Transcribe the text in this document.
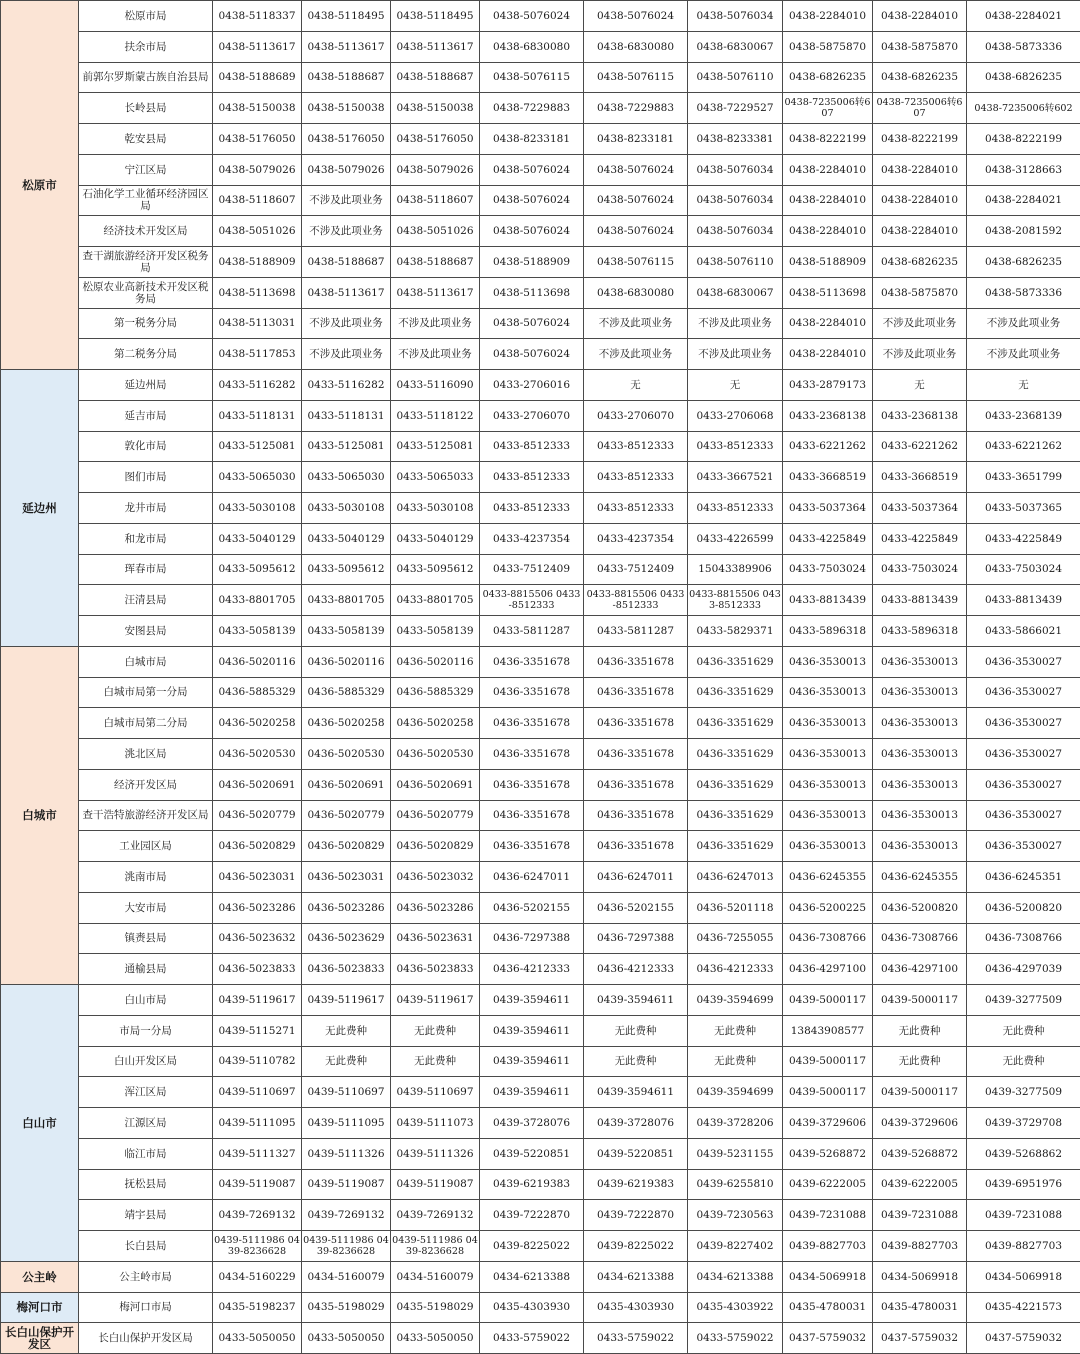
松原市	松原市局	0438-5118337	0438-5118495	0438-5118495	0438-5076024	0438-5076024	0438-5076034	0438-2284010	0438-2284010	0438-2284021
	扶余市局	0438-5113617	0438-5113617	0438-5113617	0438-6830080	0438-6830080	0438-6830067	0438-5875870	0438-5875870	0438-5873336
	前郭尔罗斯蒙古族自治县局	0438-5188689	0438-5188687	0438-5188687	0438-5076115	0438-5076115	0438-5076110	0438-6826235	0438-6826235	0438-6826235
	长岭县局	0438-5150038	0438-5150038	0438-5150038	0438-7229883	0438-7229883	0438-7229527	0438-7235006转607	0438-7235006转607	0438-7235006转602
	乾安县局	0438-5176050	0438-5176050	0438-5176050	0438-8233181	0438-8233181	0438-8233381	0438-8222199	0438-8222199	0438-8222199
	宁江区局	0438-5079026	0438-5079026	0438-5079026	0438-5076024	0438-5076024	0438-5076034	0438-2284010	0438-2284010	0438-3128663
	石油化学工业循环经济园区局	0438-5118607	不涉及此项业务	0438-5118607	0438-5076024	0438-5076024	0438-5076034	0438-2284010	0438-2284010	0438-2284021
	经济技术开发区局	0438-5051026	不涉及此项业务	0438-5051026	0438-5076024	0438-5076024	0438-5076034	0438-2284010	0438-2284010	0438-2081592
	查干湖旅游经济开发区税务局	0438-5188909	0438-5188687	0438-5188687	0438-5188909	0438-5076115	0438-5076110	0438-5188909	0438-6826235	0438-6826235
	松原农业高新技术开发区税务局	0438-5113698	0438-5113617	0438-5113617	0438-5113698	0438-6830080	0438-6830067	0438-5113698	0438-5875870	0438-5873336
	第一税务分局	0438-5113031	不涉及此项业务	不涉及此项业务	0438-5076024	不涉及此项业务	不涉及此项业务	0438-2284010	不涉及此项业务	不涉及此项业务
	第二税务分局	0438-5117853	不涉及此项业务	不涉及此项业务	0438-5076024	不涉及此项业务	不涉及此项业务	0438-2284010	不涉及此项业务	不涉及此项业务
延边州	延边州局	0433-5116282	0433-5116282	0433-5116090	0433-2706016	无	无	0433-2879173	无	无
	延吉市局	0433-5118131	0433-5118131	0433-5118122	0433-2706070	0433-2706070	0433-2706068	0433-2368138	0433-2368138	0433-2368139
	敦化市局	0433-5125081	0433-5125081	0433-5125081	0433-8512333	0433-8512333	0433-8512333	0433-6221262	0433-6221262	0433-6221262
	图们市局	0433-5065030	0433-5065030	0433-5065033	0433-8512333	0433-8512333	0433-3667521	0433-3668519	0433-3668519	0433-3651799
	龙井市局	0433-5030108	0433-5030108	0433-5030108	0433-8512333	0433-8512333	0433-8512333	0433-5037364	0433-5037364	0433-5037365
	和龙市局	0433-5040129	0433-5040129	0433-5040129	0433-4237354	0433-4237354	0433-4226599	0433-4225849	0433-4225849	0433-4225849
	珲春市局	0433-5095612	0433-5095612	0433-5095612	0433-7512409	0433-7512409	15043389906	0433-7503024	0433-7503024	0433-7503024
	汪清县局	0433-8801705	0433-8801705	0433-8801705	0433-8815506 0433-8512333	0433-8815506 0433-8512333	0433-8815506 0433-8512333	0433-8813439	0433-8813439	0433-8813439
	安图县局	0433-5058139	0433-5058139	0433-5058139	0433-5811287	0433-5811287	0433-5829371	0433-5896318	0433-5896318	0433-5866021
白城市	白城市局	0436-5020116	0436-5020116	0436-5020116	0436-3351678	0436-3351678	0436-3351629	0436-3530013	0436-3530013	0436-3530027
	白城市局第一分局	0436-5885329	0436-5885329	0436-5885329	0436-3351678	0436-3351678	0436-3351629	0436-3530013	0436-3530013	0436-3530027
	白城市局第二分局	0436-5020258	0436-5020258	0436-5020258	0436-3351678	0436-3351678	0436-3351629	0436-3530013	0436-3530013	0436-3530027
	洮北区局	0436-5020530	0436-5020530	0436-5020530	0436-3351678	0436-3351678	0436-3351629	0436-3530013	0436-3530013	0436-3530027
	经济开发区局	0436-5020691	0436-5020691	0436-5020691	0436-3351678	0436-3351678	0436-3351629	0436-3530013	0436-3530013	0436-3530027
	查干浩特旅游经济开发区局	0436-5020779	0436-5020779	0436-5020779	0436-3351678	0436-3351678	0436-3351629	0436-3530013	0436-3530013	0436-3530027
	工业园区局	0436-5020829	0436-5020829	0436-5020829	0436-3351678	0436-3351678	0436-3351629	0436-3530013	0436-3530013	0436-3530027
	洮南市局	0436-5023031	0436-5023031	0436-5023032	0436-6247011	0436-6247011	0436-6247013	0436-6245355	0436-6245355	0436-6245351
	大安市局	0436-5023286	0436-5023286	0436-5023286	0436-5202155	0436-5202155	0436-5201118	0436-5200225	0436-5200820	0436-5200820
	镇赉县局	0436-5023632	0436-5023629	0436-5023631	0436-7297388	0436-7297388	0436-7255055	0436-7308766	0436-7308766	0436-7308766
	通榆县局	0436-5023833	0436-5023833	0436-5023833	0436-4212333	0436-4212333	0436-4212333	0436-4297100	0436-4297100	0436-4297039
白山市	白山市局	0439-5119617	0439-5119617	0439-5119617	0439-3594611	0439-3594611	0439-3594699	0439-5000117	0439-5000117	0439-3277509
	市局一分局	0439-5115271	无此费种	无此费种	0439-3594611	无此费种	无此费种	13843908577	无此费种	无此费种
	白山开发区局	0439-5110782	无此费种	无此费种	0439-3594611	无此费种	无此费种	0439-5000117	无此费种	无此费种
	浑江区局	0439-5110697	0439-5110697	0439-5110697	0439-3594611	0439-3594611	0439-3594699	0439-5000117	0439-5000117	0439-3277509
	江源区局	0439-5111095	0439-5111095	0439-5111073	0439-3728076	0439-3728076	0439-3728206	0439-3729606	0439-3729606	0439-3729708
	临江市局	0439-5111327	0439-5111326	0439-5111326	0439-5220851	0439-5220851	0439-5231155	0439-5268872	0439-5268872	0439-5268862
	抚松县局	0439-5119087	0439-5119087	0439-5119087	0439-6219383	0439-6219383	0439-6255810	0439-6222005	0439-6222005	0439-6951976
	靖宇县局	0439-7269132	0439-7269132	0439-7269132	0439-7222870	0439-7222870	0439-7230563	0439-7231088	0439-7231088	0439-7231088
	长白县局	0439-5111986 0439-8236628	0439-5111986 0439-8236628	0439-5111986 0439-8236628	0439-8225022	0439-8225022	0439-8227402	0439-8827703	0439-8827703	0439-8827703
公主岭	公主岭市局	0434-5160229	0434-5160079	0434-5160079	0434-6213388	0434-6213388	0434-6213388	0434-5069918	0434-5069918	0434-5069918
梅河口市	梅河口市局	0435-5198237	0435-5198029	0435-5198029	0435-4303930	0435-4303930	0435-4303922	0435-4780031	0435-4780031	0435-4221573
长白山保护开发区	长白山保护开发区局	0433-5050050	0433-5050050	0433-5050050	0433-5759022	0433-5759022	0433-5759022	0437-5759032	0437-5759032	0437-5759032
